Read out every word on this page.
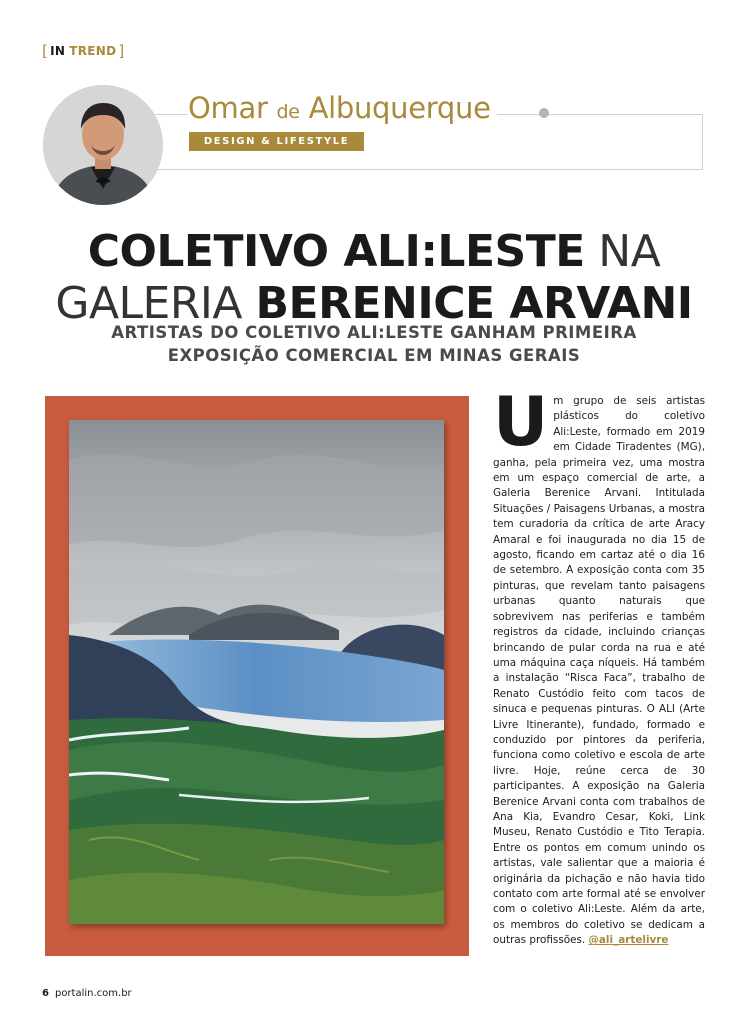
[ IN TREND ]
Omar de Albuquerque
DESIGN & LIFESTYLE
COLETIVO ALI:LESTE NA
GALERIA BERENICE ARVANI
ARTISTAS DO COLETIVO ALI:LESTE GANHAM PRIMEIRA EXPOSIÇÃO COMERCIAL EM MINAS GERAIS
Um grupo de seis artistas plásticos do coletivo Ali:Leste, formado em 2019 em Cidade Tiradentes (MG), ganha, pela primeira vez, uma mostra em um espaço comercial de arte, a Galeria Berenice Arvani. Intitulada Situações / Paisagens Urbanas, a mostra tem curadoria da crítica de arte Aracy Amaral e foi inaugurada no dia 15 de agosto, ficando em cartaz até o dia 16 de setembro. A exposição conta com 35 pinturas, que revelam tanto paisagens urbanas quanto naturais que sobrevivem nas periferias e também registros da cidade, incluindo crianças brincando de pular corda na rua e até uma máquina caça níqueis. Há também a instalação “Risca Faca”, trabalho de Renato Custódio feito com tacos de sinuca e pequenas pinturas. O ALI (Arte Livre Itinerante), fundado, formado e conduzido por pintores da periferia, funciona como coletivo e escola de arte livre. Hoje, reúne cerca de 30 participantes. A exposição na Galeria Berenice Arvani conta com trabalhos de Ana Kia, Evandro Cesar, Koki, Link Museu, Renato Custódio e Tito Terapia. Entre os pontos em comum unindo os artistas, vale salientar que a maioria é originária da pichação e não havia tido contato com arte formal até se envolver com o coletivo Ali:Leste. Além da arte, os membros do coletivo se dedicam a outras profissões. @ali_artelivre
6 portalin.com.br
